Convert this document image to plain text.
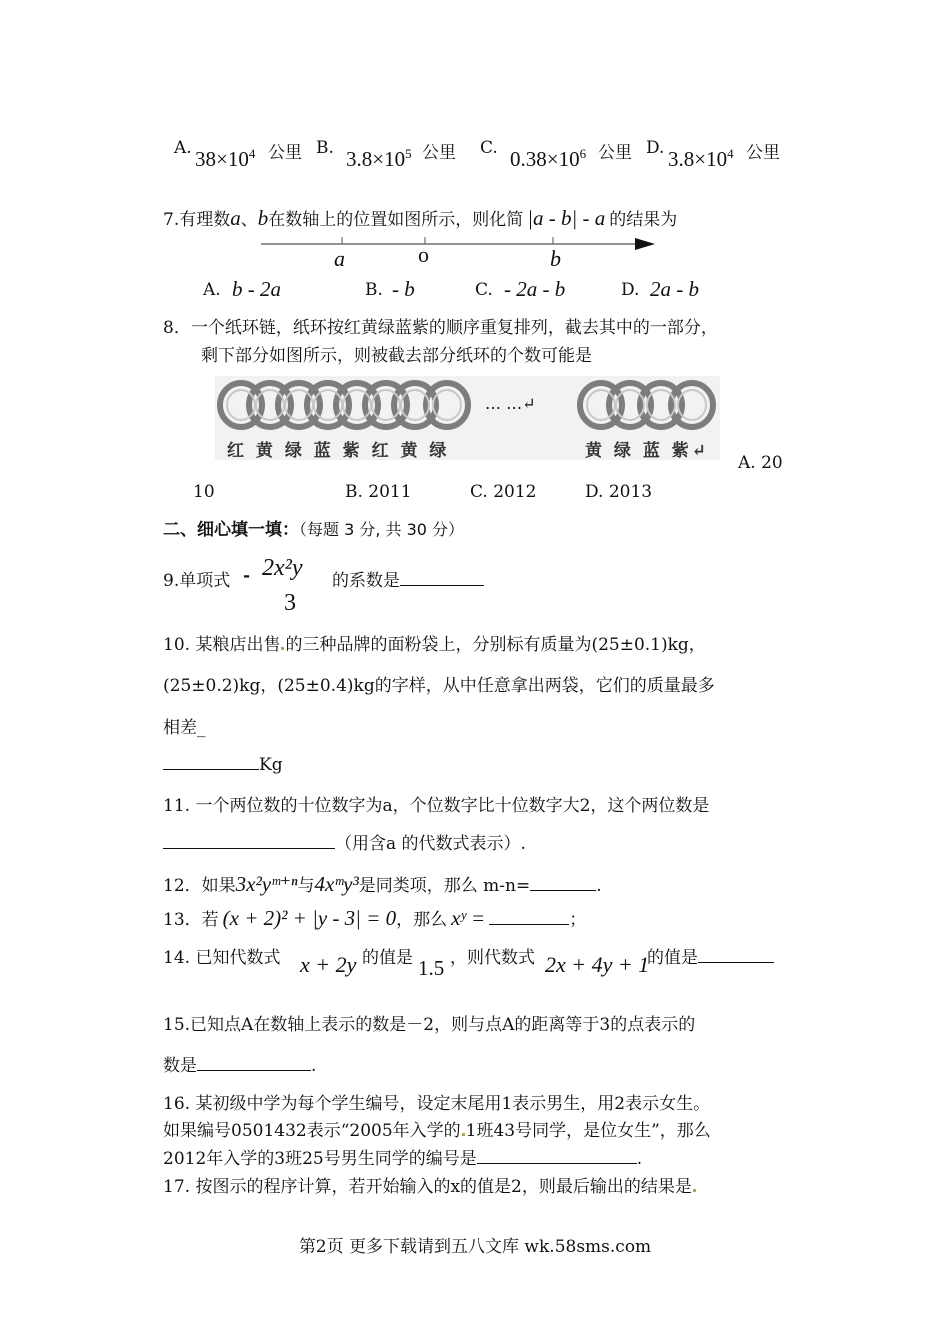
A. $38\times 10^4$ 公里 B. $3.8\times 10^5$ 公里 C. $0.38\times 10^6$ 公里 D. $3.8\times 10^4$ 公里
7.有理数a、b在数轴上的位置如图所示，则化简 |a - b| - a 的结果为
a	o	b
A. b - 2a	B. - b	C. - 2a - b	D. 2a - b
8．一个纸环链，纸环按红黄绿蓝紫的顺序重复排列，截去其中的一部分，
剩下部分如图所示，则被截去部分纸环的个数可能是
… …↵
红 黄 绿 蓝 紫 红 黄 绿	黄 绿 蓝 紫↵
A. 20
10	B. 2011	C. 2012	D. 2013
二、细心填一填：（每题 3 分, 共 30 分）
9.单项式 - 2x²y
3
的系数是
10. 某粮店出售 的三种品牌的面粉袋上，分别标有质量为(25±0.1)kg，
(25±0.2)kg，(25±0.4)kg的字样，从中任意拿出两袋，它们的质量最多
相差_
Kg
11. 一个两位数的十位数字为a，个位数字比十位数字大2，这个两位数是
（用含a 的代数式表示）.
12．如果3x²yᵐ⁺ⁿ与4xᵐy³是同类项，那么 m-n=	.
13．若 (x + 2)² + |y - 3| = 0，那么 xʸ =	；
14. 已知代数式 x + 2y 的值是 1.5 ，则代数式 2x + 4y + 1
的值是
15.已知点A在数轴上表示的数是－2，则与点A的距离等于3的点表示的
数是	.
16. 某初级中学为每个学生编号，设定末尾用1表示男生，用2表示女生。
如果编号0501432表示“2005年入学的 1班43号同学，是位女生”，那么
2012年入学的3班25号男生同学的编号是	.
17. 按图示的程序计算，若开始输入的x的值是2，则最后输出的结果是
第2页 更多下载请到五八文库 wk.58sms.com
